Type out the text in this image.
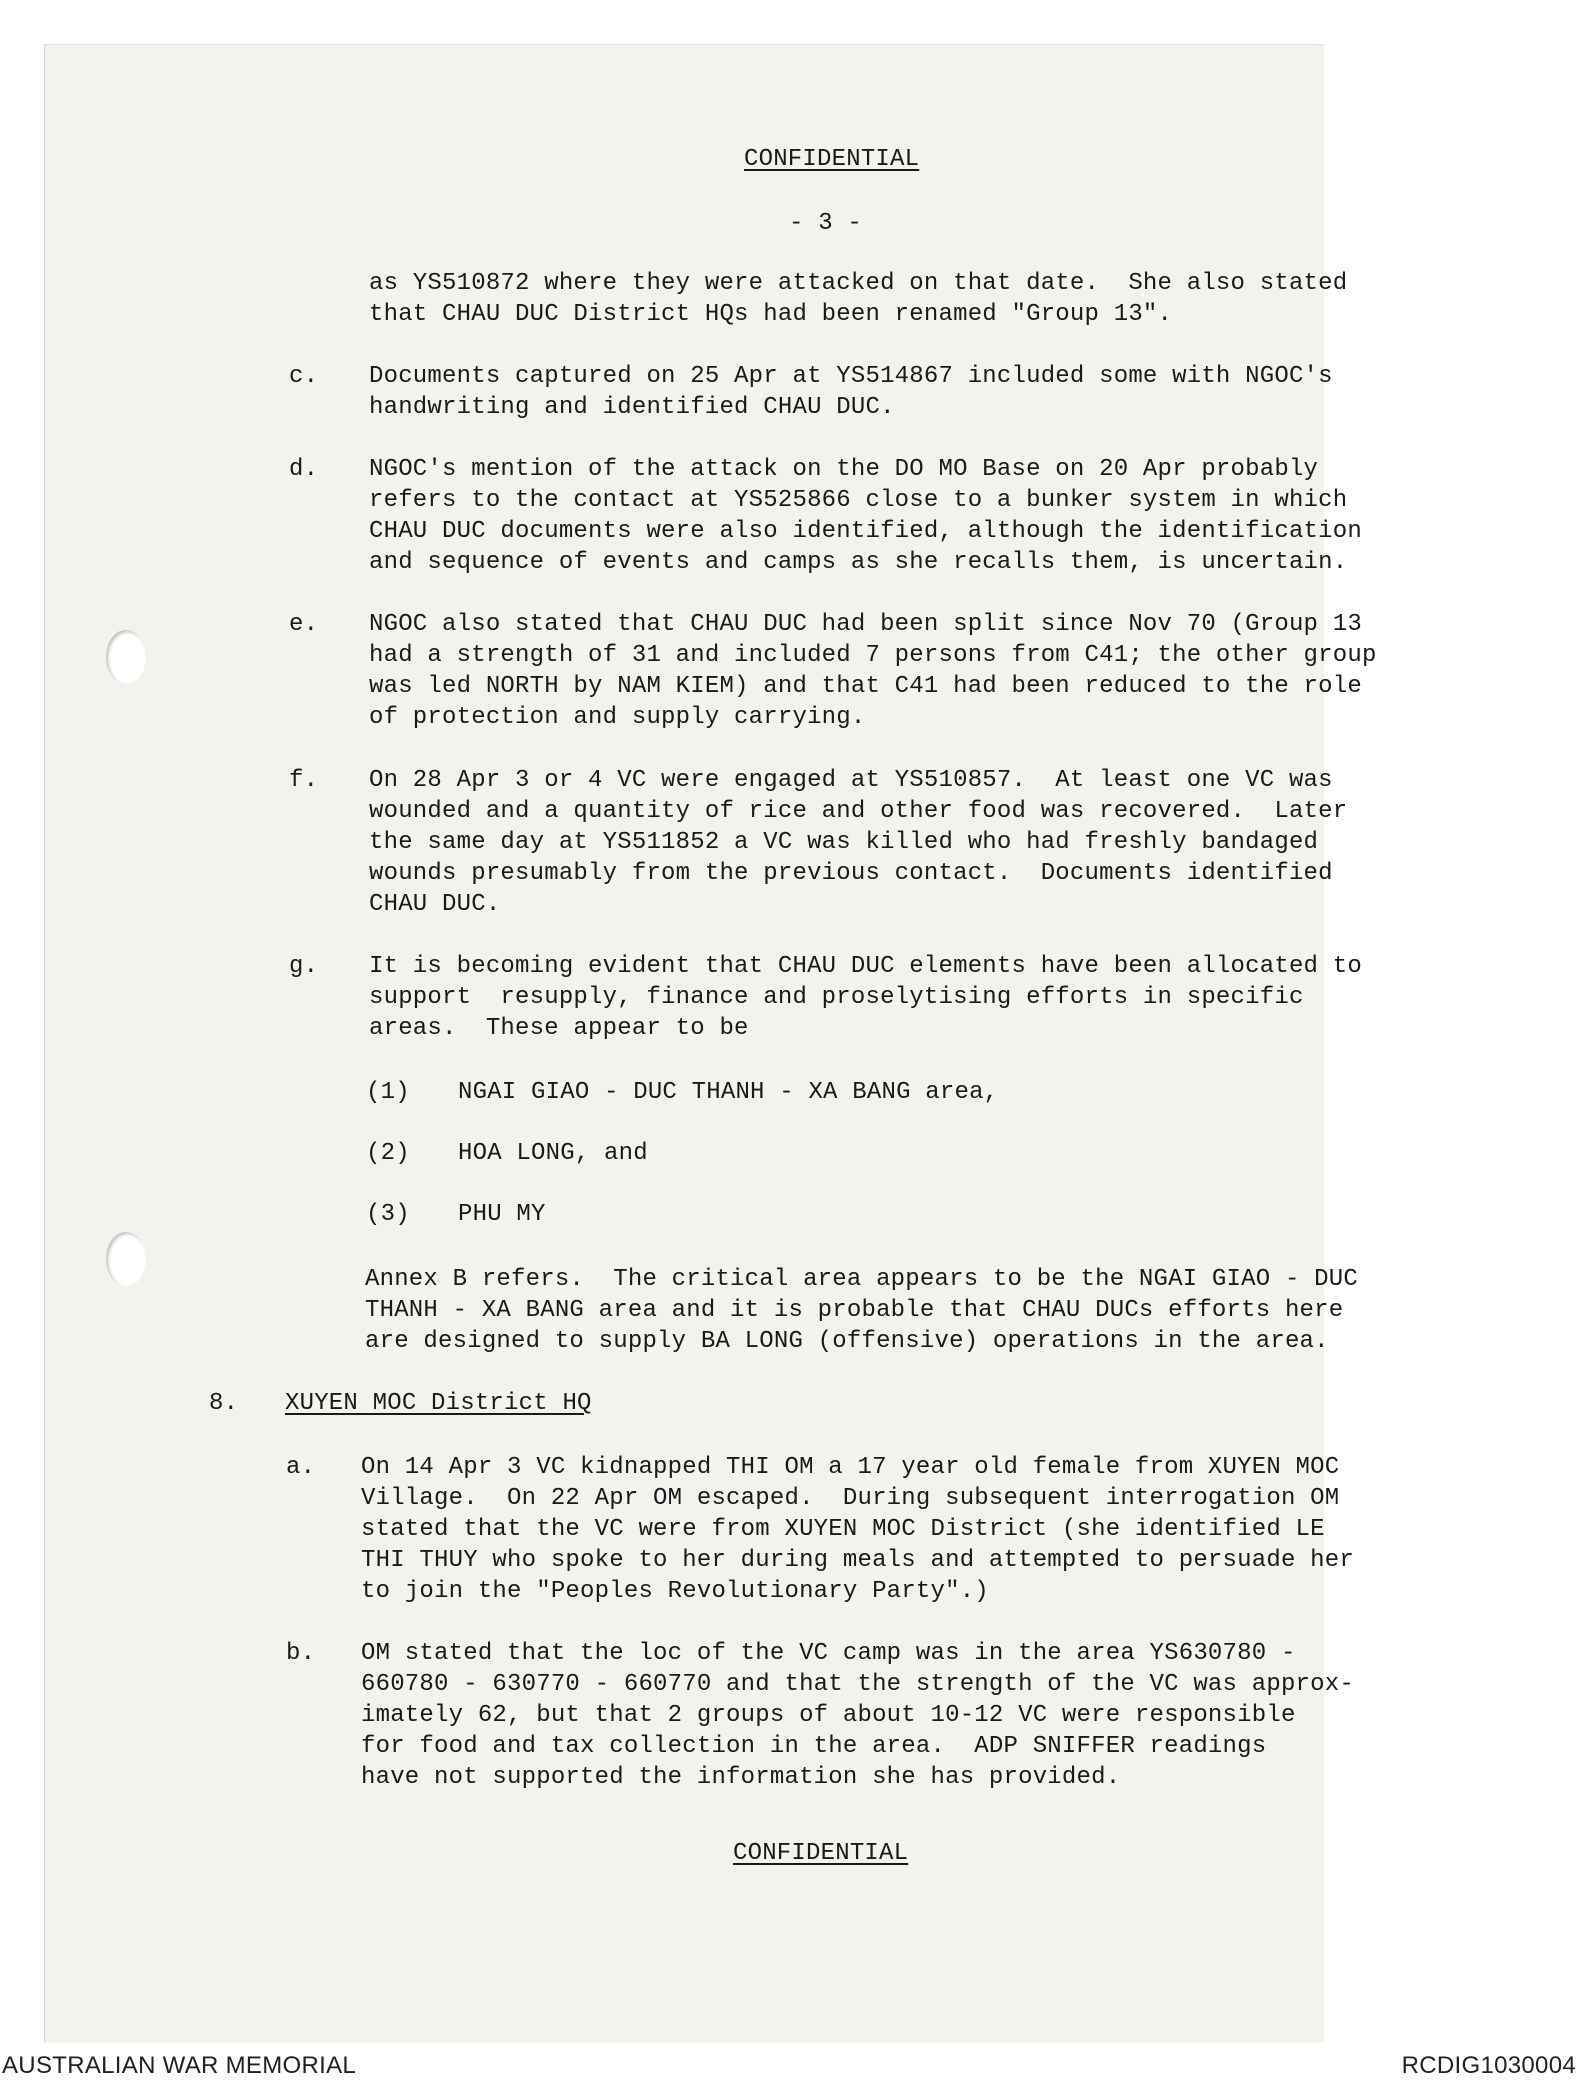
CONFIDENTIAL
- 3 -
as YS510872 where they were attacked on that date.  She also stated
that CHAU DUC District HQs had been renamed "Group 13".
c. Documents captured on 25 Apr at YS514867 included some with NGOC's
handwriting and identified CHAU DUC.
d. NGOC's mention of the attack on the DO MO Base on 20 Apr probably
refers to the contact at YS525866 close to a bunker system in which
CHAU DUC documents were also identified, although the identification
and sequence of events and camps as she recalls them, is uncertain.
e. NGOC also stated that CHAU DUC had been split since Nov 70 (Group 13
had a strength of 31 and included 7 persons from C41; the other group
was led NORTH by NAM KIEM) and that C41 had been reduced to the role
of protection and supply carrying.
f. On 28 Apr 3 or 4 VC were engaged at YS510857.  At least one VC was
wounded and a quantity of rice and other food was recovered.  Later
the same day at YS511852 a VC was killed who had freshly bandaged
wounds presumably from the previous contact.  Documents identified
CHAU DUC.
g. It is becoming evident that CHAU DUC elements have been allocated to
support  resupply, finance and proselytising efforts in specific
areas.  These appear to be
(1) NGAI GIAO - DUC THANH - XA BANG area,
(2) HOA LONG, and
(3) PHU MY
Annex B refers.  The critical area appears to be the NGAI GIAO - DUC
THANH - XA BANG area and it is probable that CHAU DUCs efforts here
are designed to supply BA LONG (offensive) operations in the area.
8. XUYEN MOC District HQ
a. On 14 Apr 3 VC kidnapped THI OM a 17 year old female from XUYEN MOC
Village.  On 22 Apr OM escaped.  During subsequent interrogation OM
stated that the VC were from XUYEN MOC District (she identified LE
THI THUY who spoke to her during meals and attempted to persuade her
to join the "Peoples Revolutionary Party".)
b. OM stated that the loc of the VC camp was in the area YS630780 -
660780 - 630770 - 660770 and that the strength of the VC was approx-
imately 62, but that 2 groups of about 10-12 VC were responsible
for food and tax collection in the area.  ADP SNIFFER readings
have not supported the information she has provided.
CONFIDENTIAL
AUSTRALIAN WAR MEMORIAL	RCDIG1030004
